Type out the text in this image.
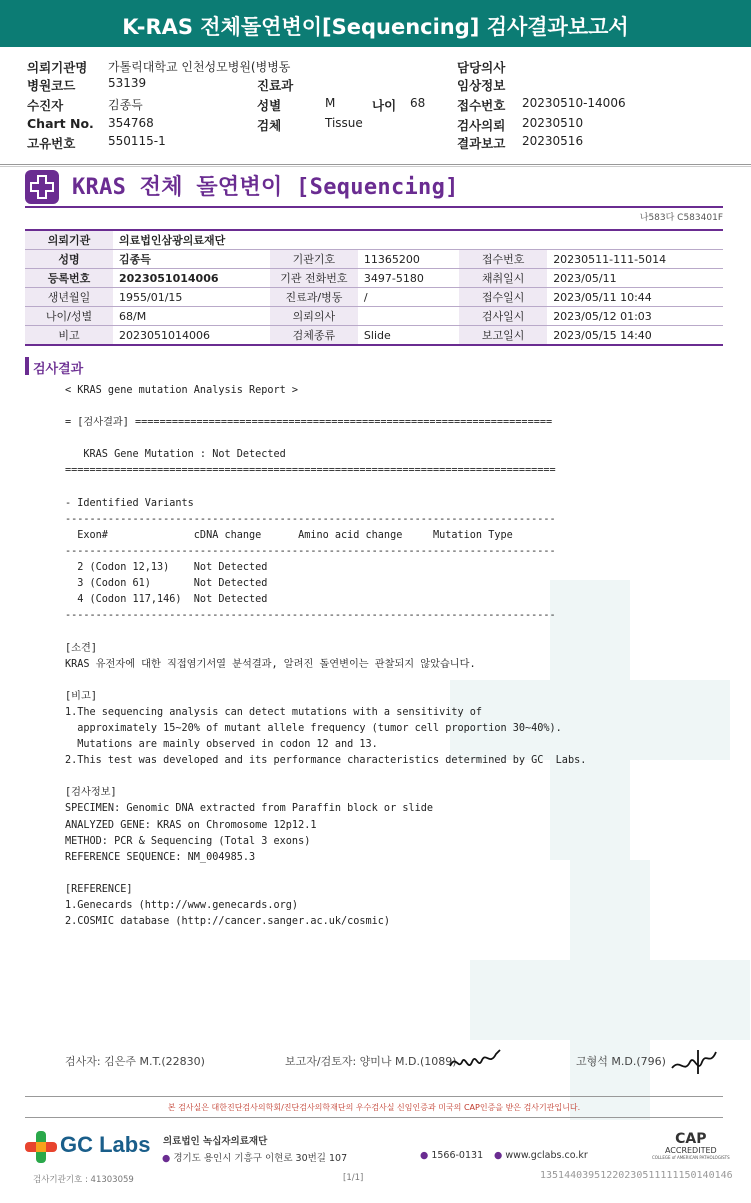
K-RAS 전체돌연변이[Sequencing] 검사결과보고서
의뢰기관명 가톨릭대학교 인천성모병원(병병동	담당의사
병원코드	53139	진료과	임상정보
수진자	김종득	성별	M	나이 68	접수번호 20230510-14006
Chart No. 354768	검체	Tissue	검사의뢰 20230510
고유번호	550115-1	결과보고 20230516
KRAS 전체 돌연변이 [Sequencing]
나583다 C583401F
의뢰기관	의료법인삼광의료재단				
성명	김종득	기관기호	11365200	접수번호	20230511-111-5014
등록번호	2023051014006	기관 전화번호	3497-5180	채취일시	2023/05/11
생년월일	1955/01/15	진료과/병동	/	접수일시	2023/05/11 10:44
나이/성별	68/M	의뢰의사		검사일시	2023/05/12 01:03
비고	2023051014006	검체종류	Slide	보고일시	2023/05/15 14:40
검사결과
< KRAS gene mutation Analysis Report >
= [검사결과] ====================================================================
KRAS Gene Mutation : Not Detected
================================================================================
- Identified Variants
--------------------------------------------------------------------------------
Exon#              cDNA change      Amino acid change     Mutation Type
--------------------------------------------------------------------------------
2 (Codon 12,13)    Not Detected
3 (Codon 61)       Not Detected
4 (Codon 117,146)  Not Detected
--------------------------------------------------------------------------------
[소견]
KRAS 유전자에 대한 직접염기서열 분석결과, 알려진 돌연변이는 관찰되지 않았습니다.
[비고]
1.The sequencing analysis can detect mutations with a sensitivity of
approximately 15~20% of mutant allele frequency (tumor cell proportion 30~40%).
Mutations are mainly observed in codon 12 and 13.
2.This test was developed and its performance characteristics determined by GC  Labs.
[검사정보]
SPECIMEN: Genomic DNA extracted from Paraffin block or slide
ANALYZED GENE: KRAS on Chromosome 12p12.1
METHOD: PCR & Sequencing (Total 3 exons)
REFERENCE SEQUENCE: NM_004985.3
[REFERENCE]
1.Genecards (http://www.genecards.org)
2.COSMIC database (http://cancer.sanger.ac.uk/cosmic)
검사자: 김은주 M.T.(22830)	보고자/검토자: 양미나 M.D.(1089)	고형석 M.D.(796)
본 검사실은 대한진단검사의학회/진단검사의학재단의 우수검사실 신임인증과 미국의 CAP인증을 받은 검사기관입니다.
GC Labs 의료법인 녹십자의료재단
● 경기도 용인시 기흥구 이현로 30번길 107	● 1566-0131 ● www.gclabs.co.kr
CAP
ACCREDITED
COLLEGE of AMERICAN PATHOLOGISTS
검사기관기호 : 41303059	[1/1]	13514403951220230511111150140146
